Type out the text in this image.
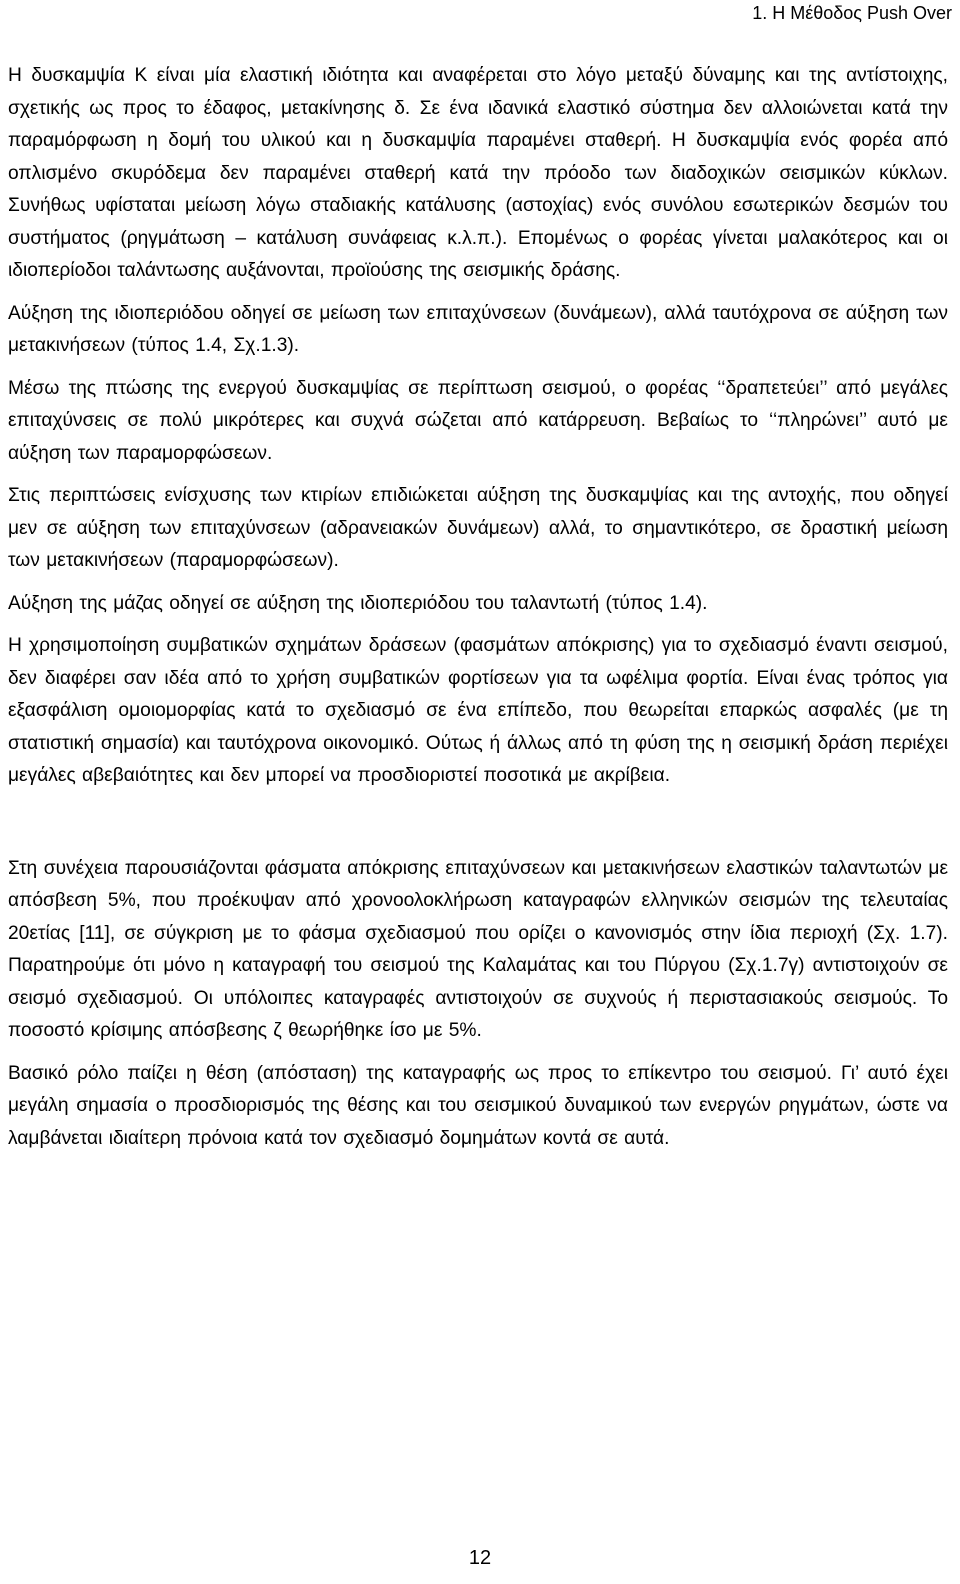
1. Η Μέθοδος Push Over

Η δυσκαμψία Κ είναι μία ελαστική ιδιότητα και αναφέρεται στο λόγο μεταξύ δύναμης και της αντίστοιχης, σχετικής ως προς το έδαφος, μετακίνησης δ. Σε ένα ιδανικά ελαστικό σύστημα δεν αλλοιώνεται κατά την παραμόρφωση η δομή του υλικού και η δυσκαμψία παραμένει σταθερή. Η δυσκαμψία ενός φορέα από οπλισμένο σκυρόδεμα δεν παραμένει σταθερή κατά την πρόοδο των διαδοχικών σεισμικών κύκλων. Συνήθως υφίσταται μείωση λόγω σταδιακής κατάλυσης (αστοχίας) ενός συνόλου εσωτερικών δεσμών του συστήματος (ρηγμάτωση – κατάλυση συνάφειας κ.λ.π.). Επομένως ο φορέας γίνεται μαλακότερος και οι ιδιοπερίοδοι ταλάντωσης αυξάνονται, προϊούσης της σεισμικής δράσης.

Αύξηση της ιδιοπεριόδου οδηγεί σε μείωση των επιταχύνσεων (δυνάμεων), αλλά ταυτόχρονα σε αύξηση των μετακινήσεων (τύπος 1.4, Σχ.1.3).

Μέσω της πτώσης της ενεργού δυσκαμψίας σε περίπτωση σεισμού, ο φορέας ‘‘δραπετεύει’’ από μεγάλες επιταχύνσεις σε πολύ μικρότερες και συχνά σώζεται από κατάρρευση. Βεβαίως το ‘‘πληρώνει’’ αυτό με αύξηση των παραμορφώσεων.

Στις περιπτώσεις ενίσχυσης των κτιρίων επιδιώκεται αύξηση της δυσκαμψίας και της αντοχής, που οδηγεί μεν σε αύξηση των επιταχύνσεων (αδρανειακών δυνάμεων) αλλά, το σημαντικότερο, σε δραστική μείωση των μετακινήσεων (παραμορφώσεων).

Αύξηση της μάζας οδηγεί σε αύξηση της ιδιοπεριόδου του ταλαντωτή (τύπος 1.4).

Η χρησιμοποίηση συμβατικών σχημάτων δράσεων (φασμάτων απόκρισης) για το σχεδιασμό έναντι σεισμού, δεν διαφέρει σαν ιδέα από το χρήση συμβατικών φορτίσεων για τα ωφέλιμα φορτία. Είναι ένας τρόπος για εξασφάλιση ομοιομορφίας κατά το σχεδιασμό σε ένα επίπεδο, που θεωρείται επαρκώς ασφαλές (με τη στατιστική σημασία) και ταυτόχρονα οικονομικό. Ούτως ή άλλως από τη φύση της η σεισμική δράση περιέχει μεγάλες αβεβαιότητες και δεν μπορεί να προσδιοριστεί ποσοτικά με ακρίβεια.

Στη συνέχεια παρουσιάζονται φάσματα απόκρισης επιταχύνσεων και μετακινήσεων ελαστικών ταλαντωτών με απόσβεση 5%, που προέκυψαν από χρονοολοκλήρωση καταγραφών ελληνικών σεισμών της τελευταίας 20ετίας [11], σε σύγκριση με το φάσμα σχεδιασμού που ορίζει ο κανονισμός στην ίδια περιοχή (Σχ. 1.7). Παρατηρούμε ότι μόνο η καταγραφή του σεισμού της Καλαμάτας και του Πύργου (Σχ.1.7γ) αντιστοιχούν σε σεισμό σχεδιασμού. Οι υπόλοιπες καταγραφές αντιστοιχούν σε συχνούς ή περιστασιακούς σεισμούς. Το ποσοστό κρίσιμης απόσβεσης ζ θεωρήθηκε ίσο με 5%.

Βασικό ρόλο παίζει η θέση (απόσταση) της καταγραφής ως προς το επίκεντρο του σεισμού. Γι’ αυτό έχει μεγάλη σημασία ο προσδιορισμός της θέσης και του σεισμικού δυναμικού των ενεργών ρηγμάτων, ώστε να λαμβάνεται ιδιαίτερη πρόνοια κατά τον σχεδιασμό δομημάτων κοντά σε αυτά.

12
